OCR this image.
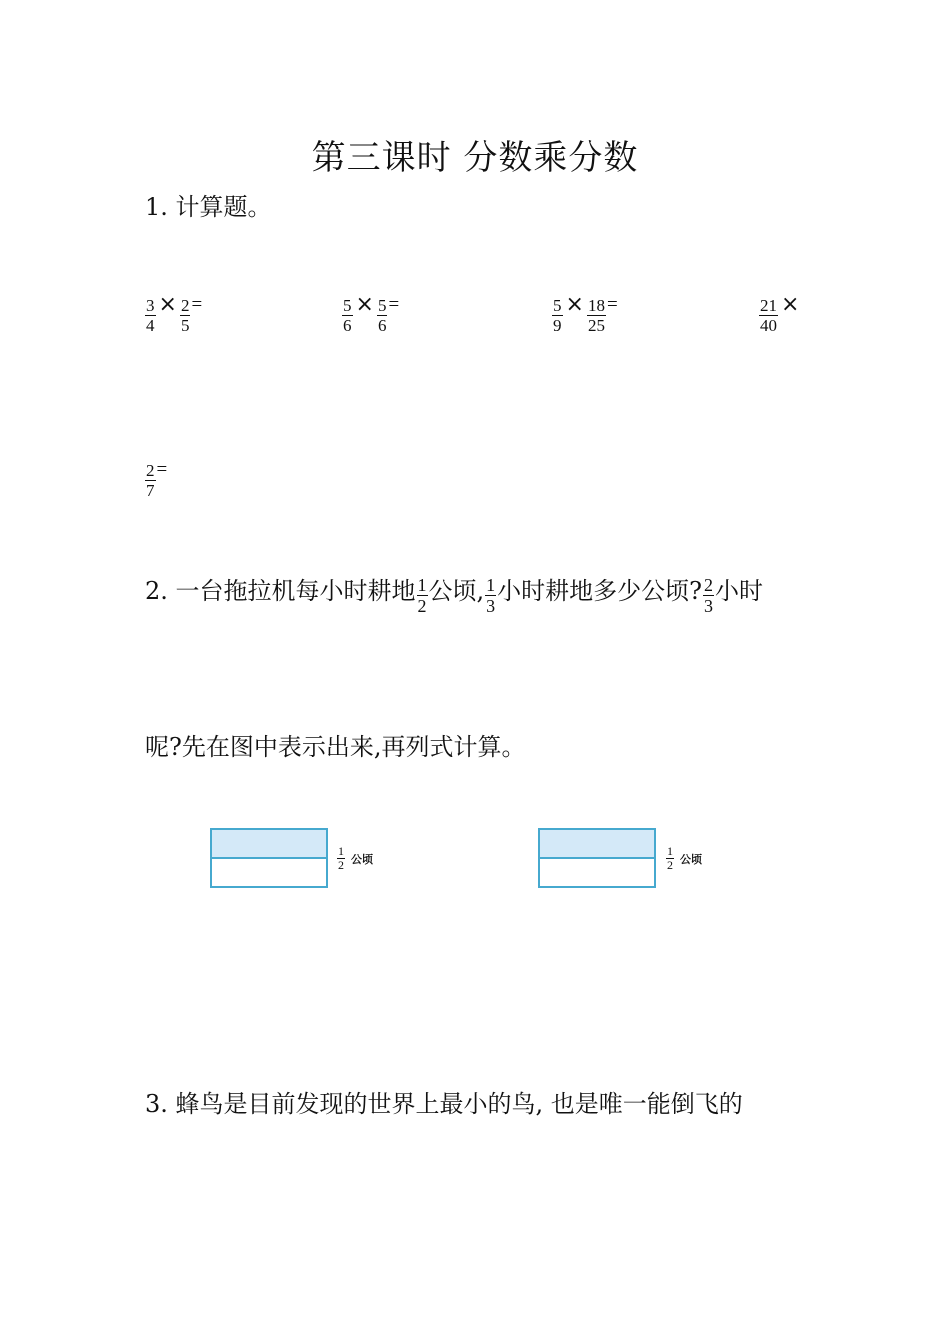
第三课时 分数乘分数
1. 计算题。
$\frac{3}{4} \times \frac{2}{5}$ =	$\frac{5}{6} \times \frac{5}{6}$ =	$\frac{5}{9} \times \frac{18}{25}$ =	$\frac{21}{40}$ ×
$\frac{2}{7}$ =
2. 一台拖拉机每小时耕地 $\frac{1}{2}$ 公顷, $\frac{1}{3}$ 小时耕地多少公顷? $\frac{2}{3}$ 小时
呢?先在图中表示出来,再列式计算。
$\frac{1}{2}$ 公顷	$\frac{1}{2}$ 公顷
3. 蜂鸟是目前发现的世界上最小的鸟, 也是唯一能倒飞的
